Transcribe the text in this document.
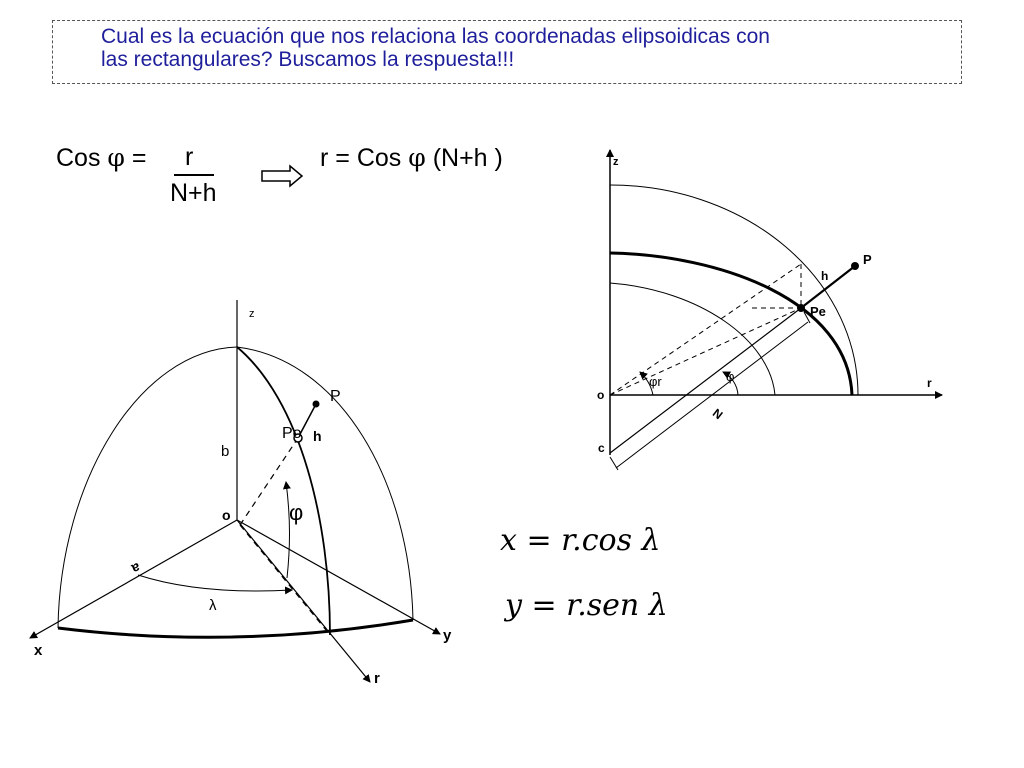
Cual es la ecuación que nos relaciona las coordenadas elipsoidicas con
las rectangulares? Buscamos la respuesta!!!
Cos φ = r
N+h
r = Cos φ (N+h )
x = r.cos λ
y = r.sen λ
z
b
o
P
Po h
φ
a
λ
x
y
r
z
r
o
c
h
P
Pe
N
φr	φ
